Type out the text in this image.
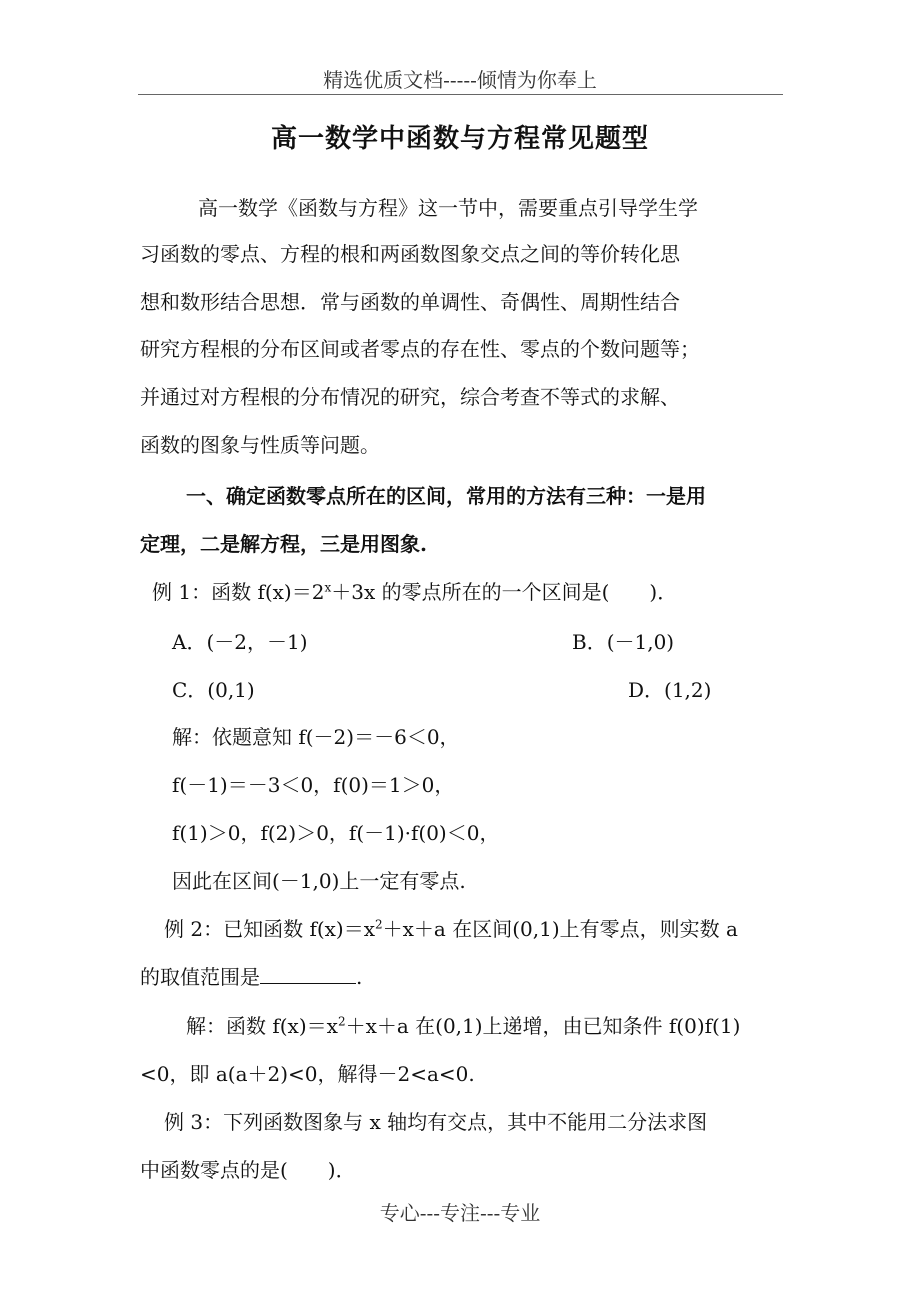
精选优质文档-----倾情为你奉上
高一数学中函数与方程常见题型
高一数学《函数与方程》这一节中，需要重点引导学生学
习函数的零点、方程的根和两函数图象交点之间的等价转化思
想和数形结合思想．常与函数的单调性、奇偶性、周期性结合
研究方程根的分布区间或者零点的存在性、零点的个数问题等；
并通过对方程根的分布情况的研究，综合考查不等式的求解、
函数的图象与性质等问题。
一、确定函数零点所在的区间，常用的方法有三种：一是用
定理，二是解方程，三是用图象.
例 1：函数 $f(x)=2^x+3x$ 的零点所在的一个区间是(　　)．
A．(－2，－1)	B．(－1,0)
C．(0,1)	D．(1,2)
解：依题意知 f(－2)＝－6＜0，
f(－1)＝－3＜0，f(0)＝1＞0，
f(1)＞0，f(2)＞0，f(－1)·f(0)＜0，
因此在区间(－1,0)上一定有零点.
例 2：已知函数 $f(x)=x^2+x+a$ 在区间(0,1)上有零点，则实数 a
的取值范围是	.
解：函数 $f(x)=x^2+x+a$ 在(0,1)上递增，由已知条件 f(0)f(1)
<0，即 a(a＋2)<0，解得－2<a<0.
例 3：下列函数图象与 x 轴均有交点，其中不能用二分法求图
中函数零点的是(　　)．
专心---专注---专业
